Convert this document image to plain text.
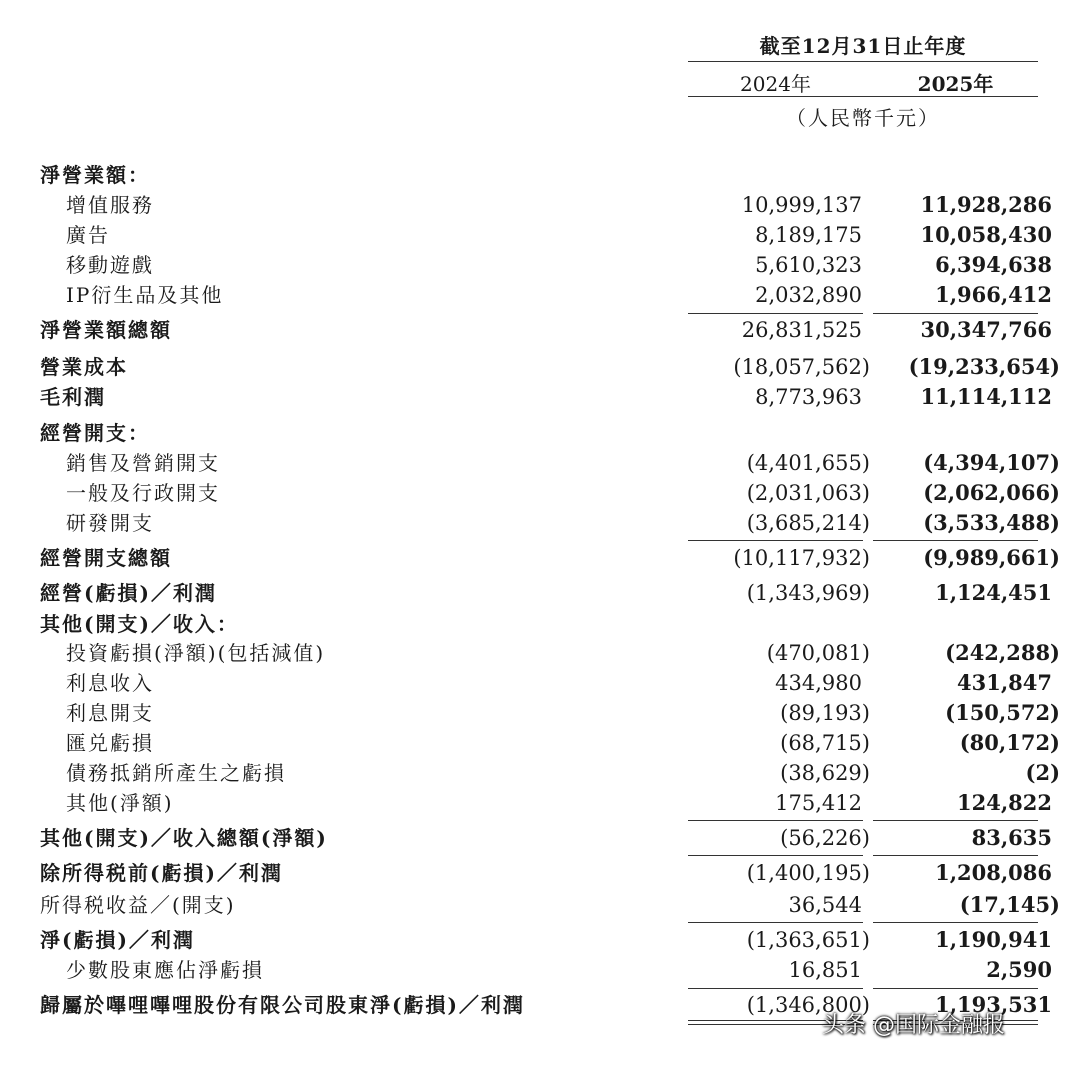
截至12月31日止年度
2024年	2025年
（人民幣千元）
淨營業額：
增值服務	10,999,137	11,928,286
廣告	8,189,175	10,058,430
移動遊戲	5,610,323	6,394,638
IP衍生品及其他	2,032,890	1,966,412
淨營業額總額	26,831,525	30,347,766
營業成本	(18,057,562)	(19,233,654)
毛利潤	8,773,963	11,114,112
經營開支：
銷售及營銷開支	(4,401,655)	(4,394,107)
一般及行政開支	(2,031,063)	(2,062,066)
研發開支	(3,685,214)	(3,533,488)
經營開支總額	(10,117,932)	(9,989,661)
經營(虧損)／利潤	(1,343,969)	1,124,451
其他(開支)／收入：
投資虧損(淨額)(包括減值)	(470,081)	(242,288)
利息收入	434,980	431,847
利息開支	(89,193)	(150,572)
匯兑虧損	(68,715)	(80,172)
債務抵銷所產生之虧損	(38,629)	(2)
其他(淨額)	175,412	124,822
其他(開支)／收入總額(淨額)	(56,226)	83,635
除所得税前(虧損)／利潤	(1,400,195)	1,208,086
所得税收益／(開支)	36,544	(17,145)
淨(虧損)／利潤	(1,363,651)	1,190,941
少數股東應佔淨虧損	16,851	2,590
歸屬於嗶哩嗶哩股份有限公司股東淨(虧損)／利潤	(1,346,800)	1,193,531
头条 @国际金融报
